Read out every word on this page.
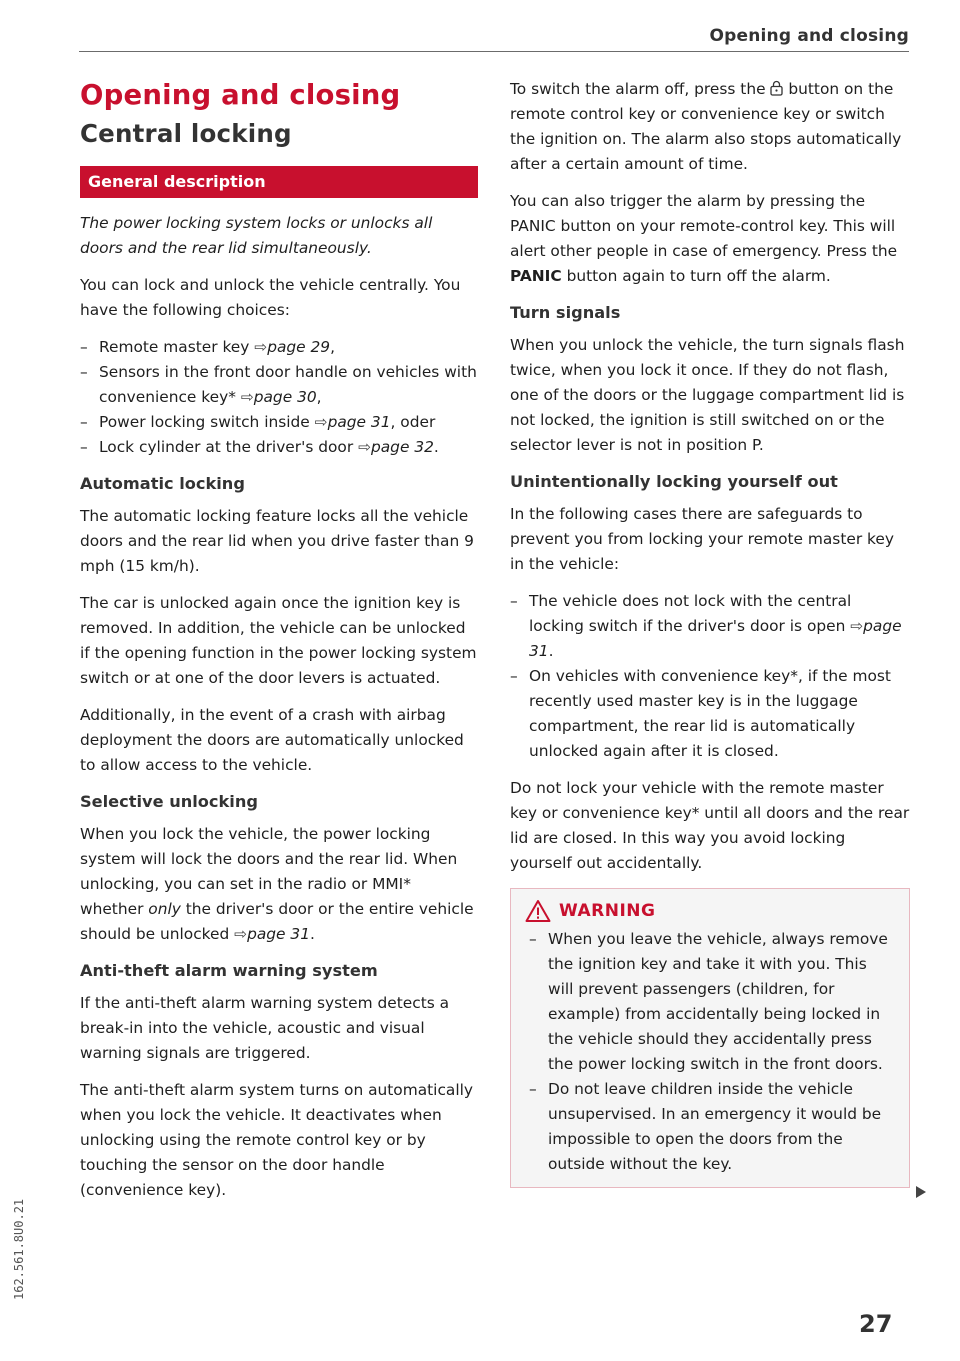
Opening and closing
Opening and closing
Central locking
General description

The power locking system locks or unlocks all doors and the rear lid simultaneously.

You can lock and unlock the vehicle centrally. You have the following choices:

– Remote master key ⇨page 29,
– Sensors in the front door handle on vehicles with convenience key* ⇨page 30,
– Power locking switch inside ⇨page 31, oder
– Lock cylinder at the driver's door ⇨page 32.
Automatic locking

The automatic locking feature locks all the vehicle doors and the rear lid when you drive faster than 9 mph (15 km/h).

The car is unlocked again once the ignition key is removed. In addition, the vehicle can be unlocked if the opening function in the power locking system switch or at one of the door levers is actuated.

Additionally, in the event of a crash with airbag deployment the doors are automatically unlocked to allow access to the vehicle.

Selective unlocking

When you lock the vehicle, the power locking system will lock the doors and the rear lid. When unlocking, you can set in the radio or MMI* whether only the driver's door or the entire vehicle should be unlocked ⇨page 31.

Anti-theft alarm warning system

If the anti-theft alarm warning system detects a break-in into the vehicle, acoustic and visual warning signals are triggered.

The anti-theft alarm system turns on automatically when you lock the vehicle. It deactivates when unlocking using the remote control key or by touching the sensor on the door handle (convenience key).

To switch the alarm off, press the  button on the remote control key or convenience key or switch the ignition on. The alarm also stops automatically after a certain amount of time.

You can also trigger the alarm by pressing the PANIC button on your remote-control key. This will alert other people in case of emergency. Press the PANIC button again to turn off the alarm.

Turn signals

When you unlock the vehicle, the turn signals flash twice, when you lock it once. If they do not flash, one of the doors or the luggage compartment lid is not locked, the ignition is still switched on or the selector lever is not in position P.

Unintentionally locking yourself out

In the following cases there are safeguards to prevent you from locking your remote master key in the vehicle:

– The vehicle does not lock with the central locking switch if the driver's door is open ⇨page 31.
– On vehicles with convenience key*, if the most recently used master key is in the luggage compartment, the rear lid is automatically unlocked again after it is closed.

Do not lock your vehicle with the remote master key or convenience key* until all doors and the rear lid are closed. In this way you avoid locking yourself out accidentally.

WARNING
– When you leave the vehicle, always remove the ignition key and take it with you. This will prevent passengers (children, for example) from accidentally being locked in the vehicle should they accidentally press the power locking switch in the front doors.
– Do not leave children inside the vehicle unsupervised. In an emergency it would be impossible to open the doors from the outside without the key.
27
162.561.8U0.21
